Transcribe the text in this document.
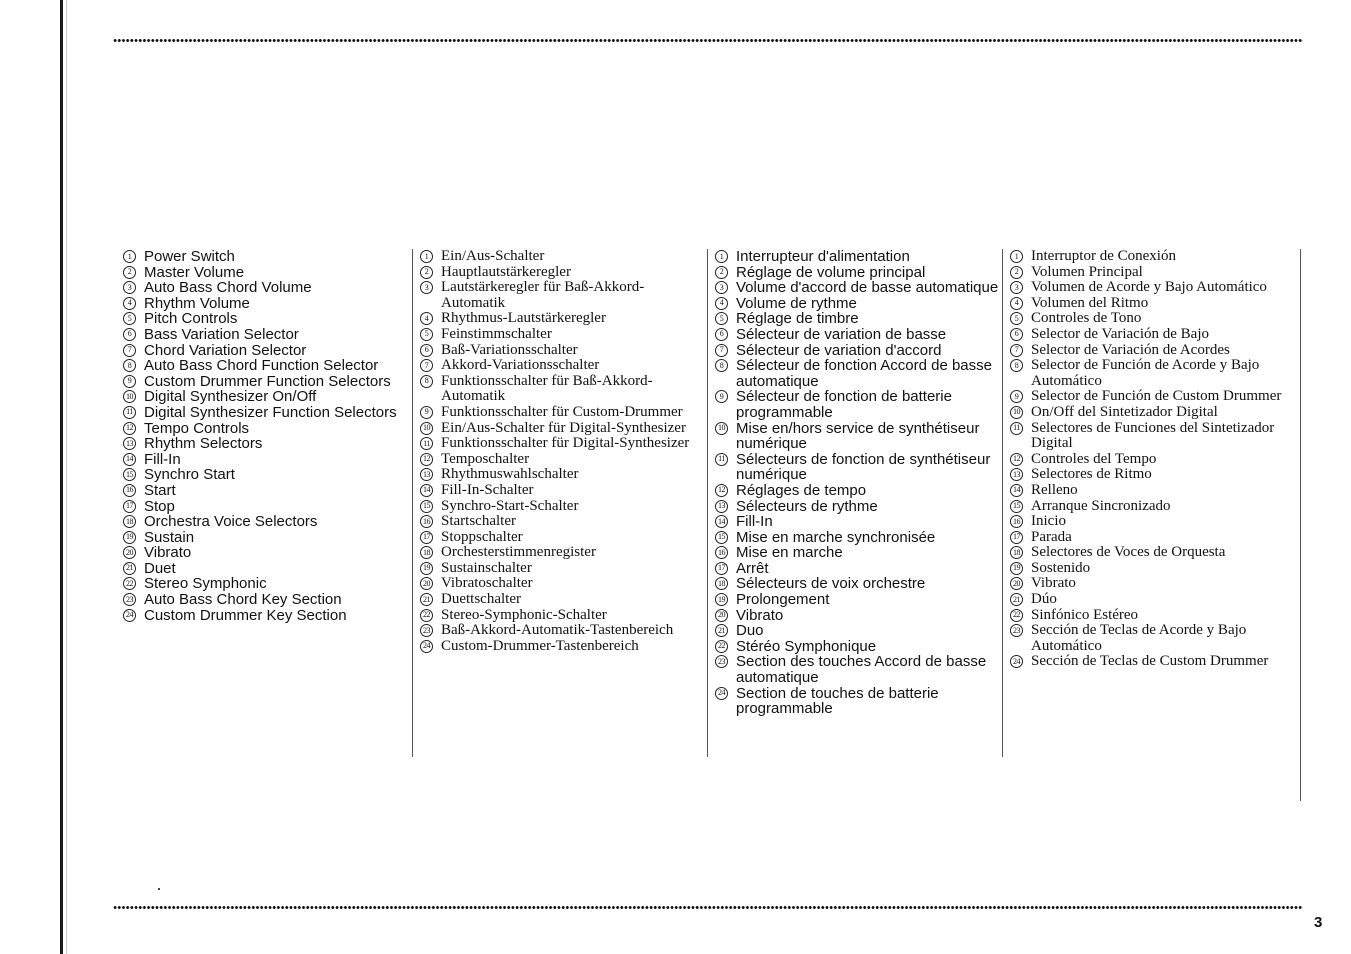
1 Power Switch
2 Master Volume
3 Auto Bass Chord Volume
4 Rhythm Volume
5 Pitch Controls
6 Bass Variation Selector
7 Chord Variation Selector
8 Auto Bass Chord Function Selector
9 Custom Drummer Function Selectors
10 Digital Synthesizer On/Off
11 Digital Synthesizer Function Selectors
12 Tempo Controls
13 Rhythm Selectors
14 Fill-In
15 Synchro Start
16 Start
17 Stop
18 Orchestra Voice Selectors
19 Sustain
20 Vibrato
21 Duet
22 Stereo Symphonic
23 Auto Bass Chord Key Section
24 Custom Drummer Key Section
1 Ein/Aus-Schalter
2 Hauptlautstärkeregler
3 Lautstärkeregler für Baß-Akkord-Automatik
4 Rhythmus-Lautstärkeregler
5 Feinstimmschalter
6 Baß-Variationsschalter
7 Akkord-Variationsschalter
8 Funktionsschalter für Baß-Akkord-Automatik
9 Funktionsschalter für Custom-Drummer
10 Ein/Aus-Schalter für Digital-Synthesizer
11 Funktionsschalter für Digital-Synthesizer
12 Temposchalter
13 Rhythmuswahlschalter
14 Fill-In-Schalter
15 Synchro-Start-Schalter
16 Startschalter
17 Stoppschalter
18 Orchesterstimmenregister
19 Sustainschalter
20 Vibratoschalter
21 Duettschalter
22 Stereo-Symphonic-Schalter
23 Baß-Akkord-Automatik-Tastenbereich
24 Custom-Drummer-Tastenbereich
1 Interrupteur d'alimentation
2 Réglage de volume principal
3 Volume d'accord de basse automatique
4 Volume de rythme
5 Réglage de timbre
6 Sélecteur de variation de basse
7 Sélecteur de variation d'accord
8 Sélecteur de fonction Accord de basse automatique
9 Sélecteur de fonction de batterie programmable
10 Mise en/hors service de synthétiseur numérique
11 Sélecteurs de fonction de synthétiseur numérique
12 Réglages de tempo
13 Sélecteurs de rythme
14 Fill-In
15 Mise en marche synchronisée
16 Mise en marche
17 Arrêt
18 Sélecteurs de voix orchestre
19 Prolongement
20 Vibrato
21 Duo
22 Stéréo Symphonique
23 Section des touches Accord de basse automatique
24 Section de touches de batterie programmable
1 Interruptor de Conexión
2 Volumen Principal
3 Volumen de Acorde y Bajo Automático
4 Volumen del Ritmo
5 Controles de Tono
6 Selector de Variación de Bajo
7 Selector de Variación de Acordes
8 Selector de Función de Acorde y Bajo Automático
9 Selector de Función de Custom Drummer
10 On/Off del Sintetizador Digital
11 Selectores de Funciones del Sintetizador Digital
12 Controles del Tempo
13 Selectores de Ritmo
14 Relleno
15 Arranque Sincronizado
16 Inicio
17 Parada
18 Selectores de Voces de Orquesta
19 Sostenido
20 Vibrato
21 Dúo
22 Sinfónico Estéreo
23 Sección de Teclas de Acorde y Bajo Automático
24 Sección de Teclas de Custom Drummer
3
